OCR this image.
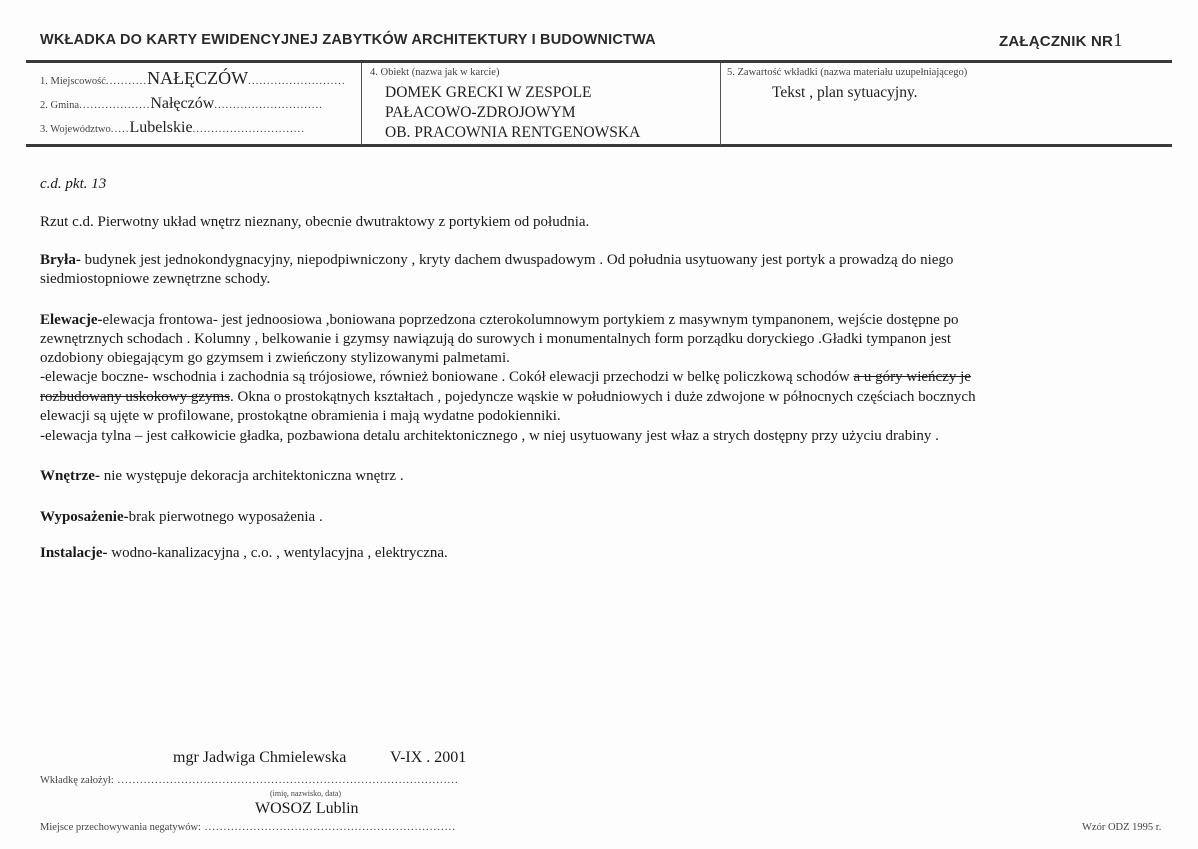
WKŁADKA DO KARTY EWIDENCYJNEJ ZABYTKÓW ARCHITEKTURY I BUDOWNICTWA	ZAŁĄCZNIK NR1
1. Miejscowość...........NAŁĘCZÓW..........................
2. Gmina...................Nałęczów.............................
3. Województwo.....Lubelskie..............................
4. Obiekt (nazwa jak w karcie)
DOMEK GRECKI W ZESPOLE
PAŁACOWO-ZDROJOWYM
OB. PRACOWNIA RENTGENOWSKA
5. Zawartość wkładki (nazwa materiału uzupełniającego)
Tekst , plan sytuacyjny.
c.d. pkt. 13
Rzut c.d. Pierwotny układ wnętrz nieznany, obecnie dwutraktowy z portykiem od południa.
Bryła- budynek jest jednokondygnacyjny, niepodpiwniczony , kryty dachem dwuspadowym . Od południa usytuowany jest portyk a prowadzą do niego
siedmiostopniowe zewnętrzne schody.
Elewacje-elewacja frontowa- jest jednoosiowa ,boniowana poprzedzona czterokolumnowym portykiem z masywnym tympanonem, wejście dostępne po
zewnętrznych schodach . Kolumny , belkowanie i gzymsy nawiązują do surowych i monumentalnych form porządku doryckiego .Gładki tympanon jest
ozdobiony obiegającym go gzymsem i zwieńczony stylizowanymi palmetami.
-elewacje boczne- wschodnia i zachodnia są trójosiowe, również boniowane . Cokół elewacji przechodzi w belkę policzkową schodów a u góry wieńczy je
rozbudowany uskokowy gzyms. Okna o prostokątnych kształtach , pojedyncze wąskie w południowych i duże zdwojone w północnych częściach bocznych
elewacji są ujęte w profilowane, prostokątne obramienia i mają wydatne podokienniki.
-elewacja tylna – jest całkowicie gładka, pozbawiona detalu architektonicznego , w niej usytuowany jest właz a strych dostępny przy użyciu drabiny .
Wnętrze- nie występuje dekoracja architektoniczna wnętrz .
Wyposażenie-brak pierwotnego wyposażenia .
Instalacje- wodno-kanalizacyjna , c.o. , wentylacyjna , elektryczna.
mgr Jadwiga Chmielewska	V-IX . 2001
Wkładkę założył: ...........................................................................................
(imię, nazwisko, data)
WOSOZ Lublin
Miejsce przechowywania negatywów: ...................................................................	Wzór ODZ 1995 r.
